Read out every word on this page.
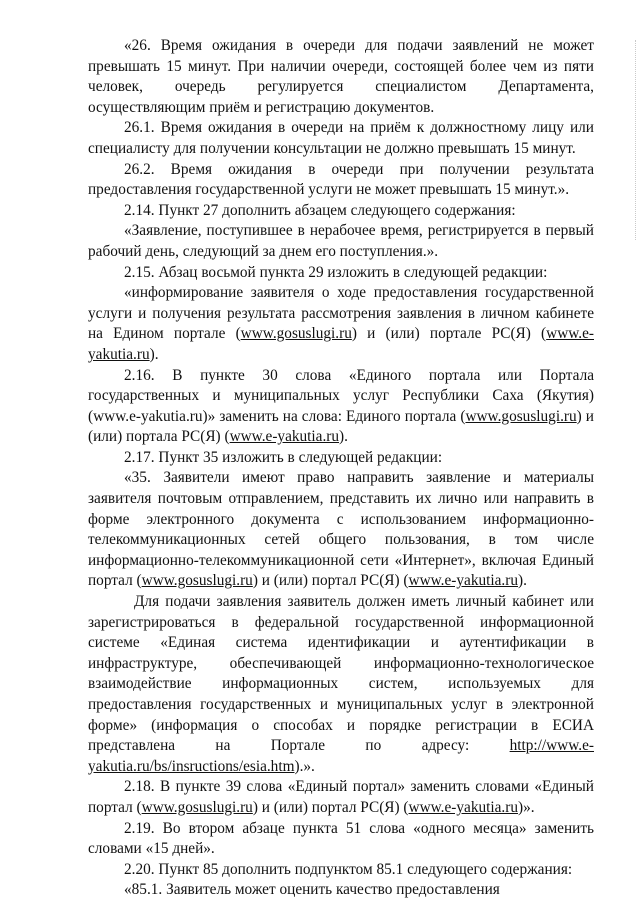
«26. Время ожидания в очереди для подачи заявлений не может превышать 15 минут. При наличии очереди, состоящей более чем из пяти человек, очередь регулируется специалистом Департамента, осуществляющим приём и регистрацию документов.

26.1. Время ожидания в очереди на приём к должностному лицу или специалисту для получении консультации не должно превышать 15 минут.

26.2. Время ожидания в очереди при получении результата предоставления государственной услуги не может превышать 15 минут.».

2.14. Пункт 27 дополнить абзацем следующего содержания:

«Заявление, поступившее в нерабочее время, регистрируется в первый рабочий день, следующий за днем его поступления.».

2.15. Абзац восьмой пункта 29 изложить в следующей редакции:

«информирование заявителя о ходе предоставления государственной услуги и получения результата рассмотрения заявления в личном кабинете на Едином портале (www.gosuslugi.ru) и (или) портале РС(Я) (www.e-yakutia.ru).

2.16. В пункте 30 слова «Единого портала или Портала государственных и муниципальных услуг Республики Саха (Якутия) (www.e-yakutia.ru)» заменить на слова: Единого портала (www.gosuslugi.ru) и (или) портала РС(Я) (www.e-yakutia.ru).

2.17. Пункт 35 изложить в следующей редакции:

«35. Заявители имеют право направить заявление и материалы заявителя почтовым отправлением, представить их лично или направить в форме электронного документа с использованием информационно-телекоммуникационных сетей общего пользования, в том числе информационно-телекоммуникационной сети «Интернет», включая Единый портал (www.gosuslugi.ru) и (или) портал РС(Я) (www.e-yakutia.ru).

Для подачи заявления заявитель должен иметь личный кабинет или зарегистрироваться в федеральной государственной информационной системе «Единая система идентификации и аутентификации в инфраструктуре, обеспечивающей информационно-технологическое взаимодействие информационных систем, используемых для предоставления государственных и муниципальных услуг в электронной форме» (информация о способах и порядке регистрации в ЕСИА представлена на Портале по адресу: http://www.e-yakutia.ru/bs/insructions/esia.htm).».

2.18. В пункте 39 слова «Единый портал» заменить словами «Единый портал (www.gosuslugi.ru) и (или) портал РС(Я) (www.e-yakutia.ru)».

2.19. Во втором абзаце пункта 51 слова «одного месяца» заменить словами «15 дней».

2.20. Пункт 85 дополнить подпунктом 85.1 следующего содержания:

«85.1. Заявитель может оценить качество предоставления
